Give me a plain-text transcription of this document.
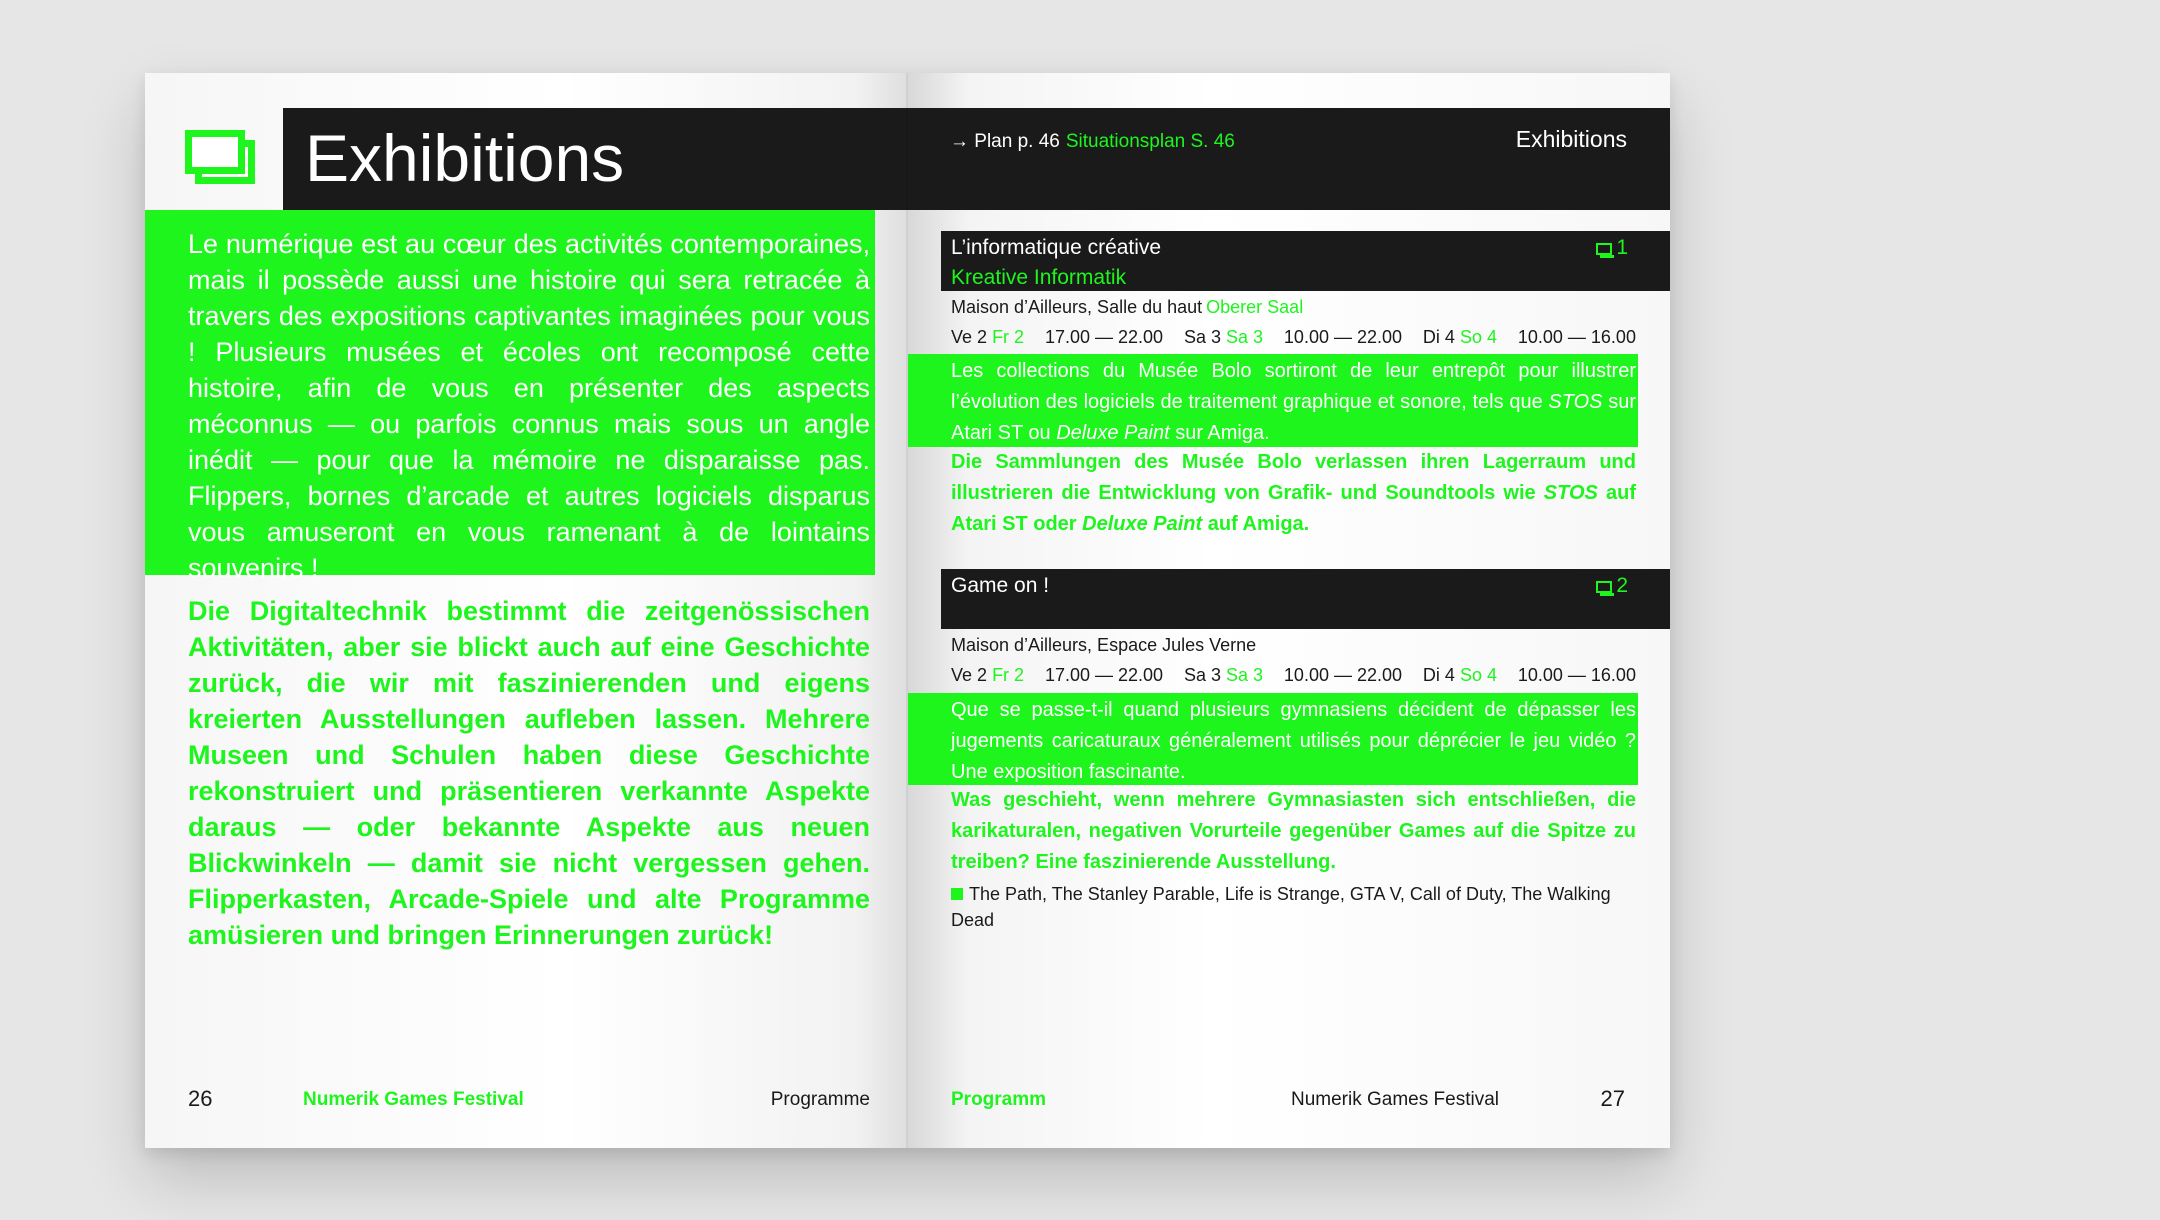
Exhibitions

Le numérique est au cœur des activités contemporaines, mais il possède aussi une histoire qui sera retracée à travers des expositions captivantes imaginées pour vous ! Plusieurs musées et écoles ont recomposé cette histoire, afin de vous en présenter des aspects méconnus — ou parfois connus mais sous un angle inédit — pour que la mémoire ne disparaisse pas. Flippers, bornes d’arcade et autres logiciels disparus vous amuseront en vous ramenant à de lointains souvenirs !

Die Digitaltechnik bestimmt die zeitgenössischen Aktivitäten, aber sie blickt auch auf eine Geschichte zurück, die wir mit faszinierenden und eigens kreierten Ausstellungen aufleben lassen. Mehrere Museen und Schulen haben diese Geschichte rekonstruiert und präsentieren verkannte Aspekte daraus — oder bekannte Aspekte aus neuen Blickwinkeln — damit sie nicht vergessen gehen. Flipperkasten, Arcade-Spiele und alte Programme amüsieren und bringen Erinnerungen zurück!

26	Numerik Games Festival	Programme
→ Plan p. 46 Situationsplan S. 46	Exhibitions
L’informatique créative
Kreative Informatik
1
Maison d’Ailleurs, Salle du haut Oberer Saal
Ve 2 Fr 2 17.00 — 22.00 Sa 3 Sa 3 10.00 — 22.00 Di 4 So 4 10.00 — 16.00

Les collections du Musée Bolo sortiront de leur entrepôt pour illustrer l’évolution des logiciels de traitement graphique et sonore, tels que STOS sur Atari ST ou Deluxe Paint sur Amiga.

Die Sammlungen des Musée Bolo verlassen ihren Lagerraum und illustrieren die Entwicklung von Grafik- und Soundtools wie STOS auf Atari ST oder Deluxe Paint auf Amiga.

Game on !	2
Maison d’Ailleurs, Espace Jules Verne
Ve 2 Fr 2 17.00 — 22.00 Sa 3 Sa 3 10.00 — 22.00 Di 4 So 4 10.00 — 16.00

Que se passe-t-il quand plusieurs gymnasiens décident de dépasser les jugements caricaturaux généralement utilisés pour déprécier le jeu vidéo ? Une exposition fascinante.

Was geschieht, wenn mehrere Gymnasiasten sich entschließen, die karikaturalen, negativen Vorurteile gegenüber Games auf die Spitze zu treiben? Eine faszinierende Ausstellung.

The Path, The Stanley Parable, Life is Strange, GTA V, Call of Duty, The Walking Dead
Programm	Numerik Games Festival	27
